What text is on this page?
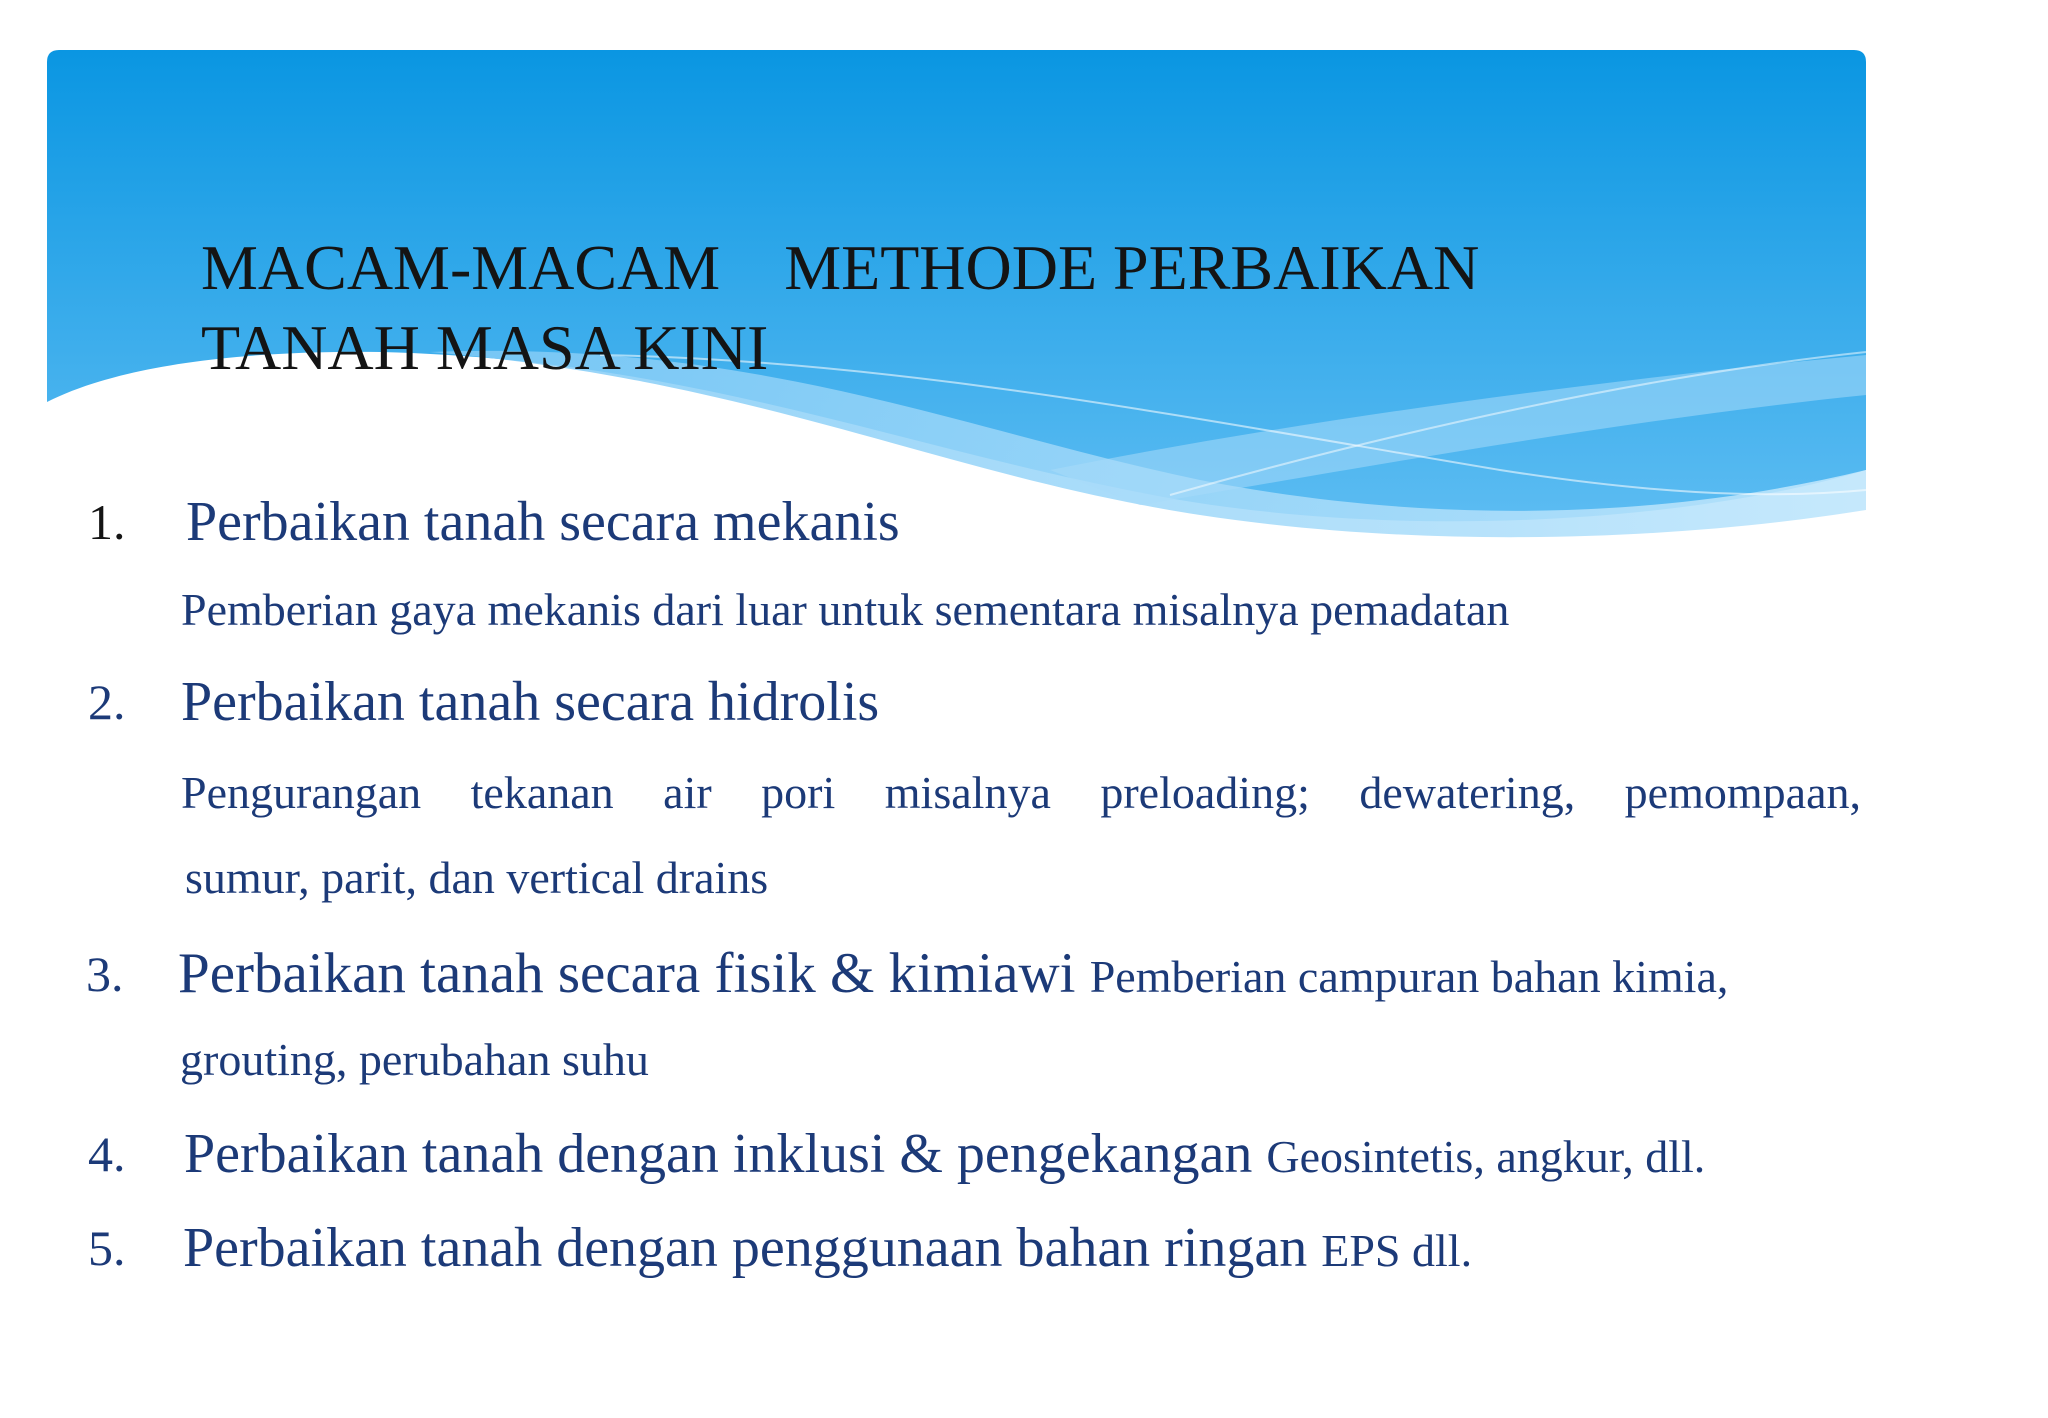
MACAM-MACAM    METHODE PERBAIKAN
TANAH MASA KINI
1. Perbaikan tanah secara mekanis
Pemberian gaya mekanis dari luar untuk sementara misalnya pemadatan
2. Perbaikan tanah secara hidrolis
Pengurangan tekanan air pori misalnya preloading; dewatering, pemompaan,
sumur, parit, dan vertical drains
3. Perbaikan tanah secara fisik & kimiawi Pemberian campuran bahan kimia,
grouting, perubahan suhu
4. Perbaikan tanah dengan inklusi & pengekangan Geosintetis, angkur, dll.
5. Perbaikan tanah dengan penggunaan bahan ringan EPS dll.
